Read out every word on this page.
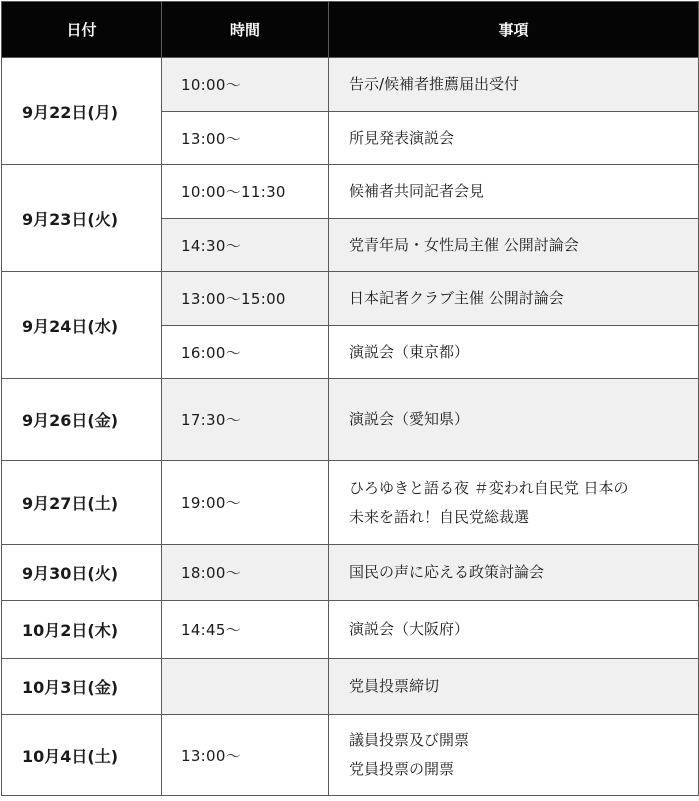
日付	時間	事項
9月22日(月)	10:00〜	告示/候補者推薦届出受付

	13:00〜	所見発表演説会

9月23日(火)	10:00〜11:30	候補者共同記者会見

	14:30〜	党青年局・女性局主催 公開討論会

9月24日(水)	13:00〜15:00	日本記者クラブ主催 公開討論会

	16:00〜	演説会（東京都）

9月26日(金)	17:30〜	演説会（愛知県）

9月27日(土)	19:00〜	ひろゆきと語る夜 ＃変われ自民党 日本の
未来を語れ！自民党総裁選

9月30日(火)	18:00〜	国民の声に応える政策討論会

10月2日(木)	14:45〜	演説会（大阪府）

10月3日(金)		党員投票締切

10月4日(土)	13:00〜	議員投票及び開票
党員投票の開票
